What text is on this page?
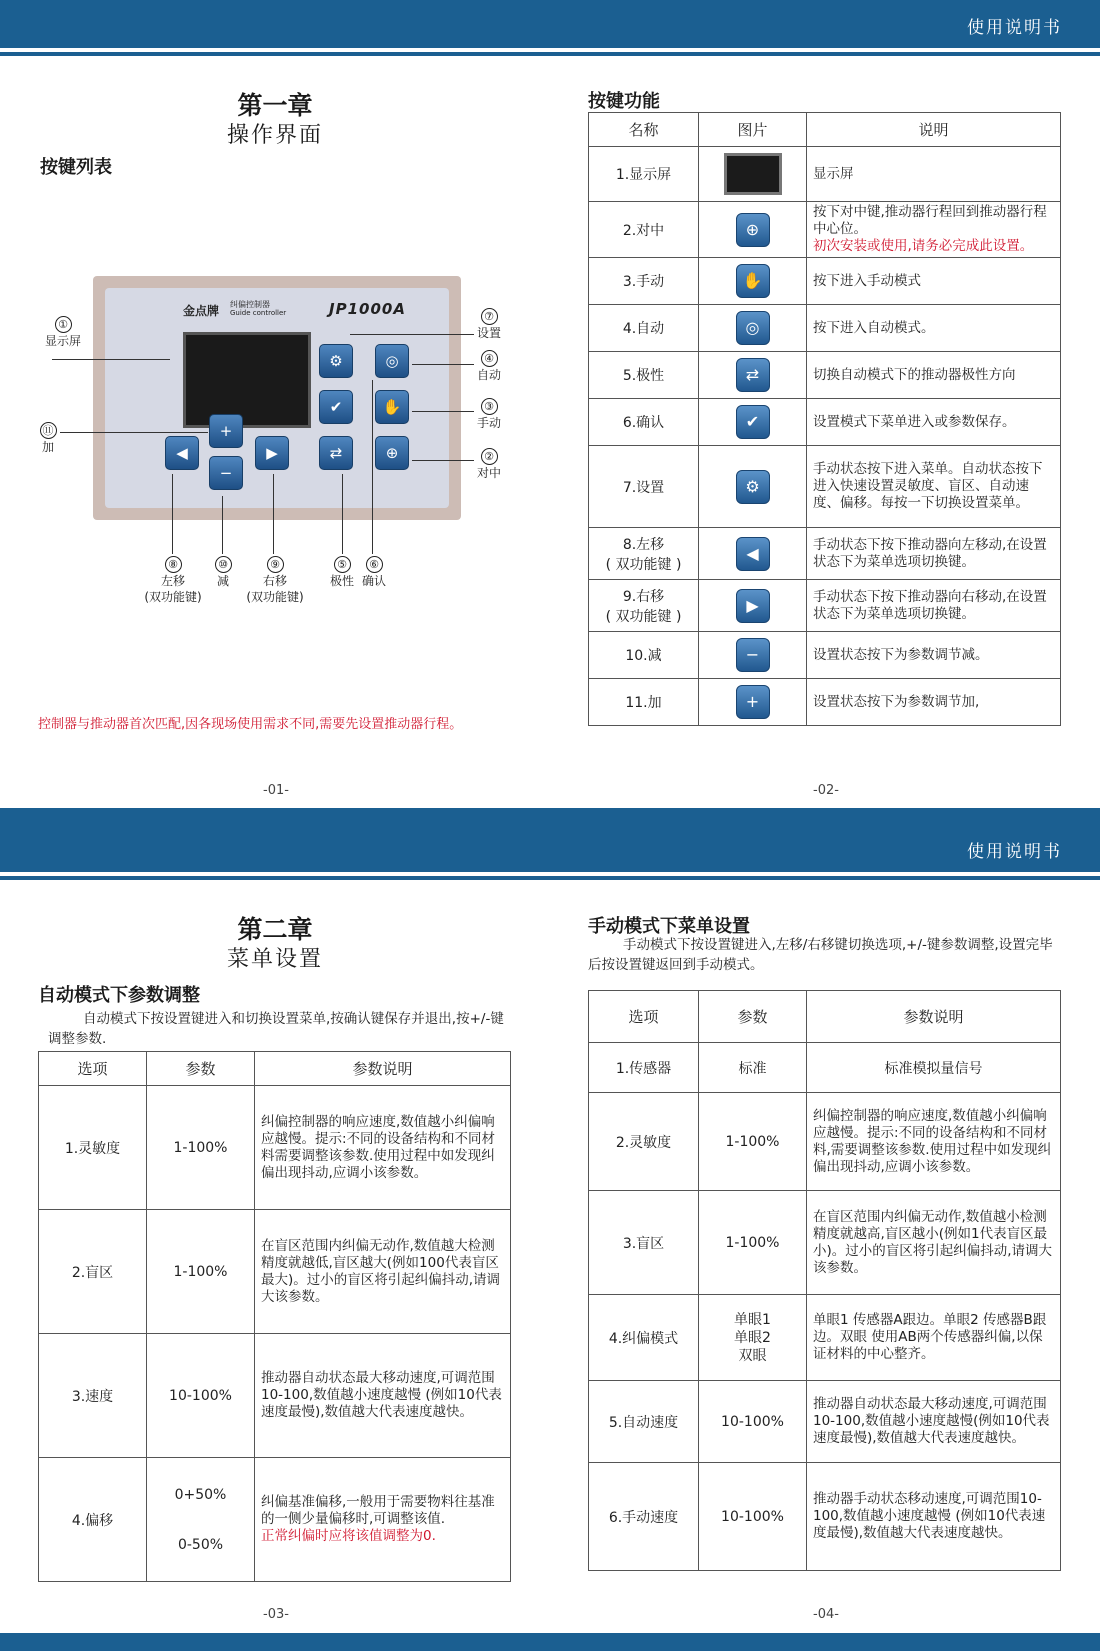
使用说明书
第一章
操作界面
按键列表
金点牌 纠偏控制器
Guide controller	JP1000A
+
◀
−
▶
⚙	◎
✔	✋
⇄	⊕
①
显示屏
⑦
设置
④
自动
③
手动
②
对中
⑪
加
⑧
左移
(双功能键)
⑩
减
⑨
右移
(双功能键)
⑤
极性
⑥
确认
控制器与推动器首次匹配,因各现场使用需求不同,需要先设置推动器行程。
-01-
按键功能
名称	图片	说明
1.显示屏		显示屏
2.对中	⊕	按下对中键,推动器行程回到推动器行程中心位。
初次安装或使用,请务必完成此设置。
3.手动	✋	按下进入手动模式
4.自动	◎	按下进入自动模式。
5.极性	⇄	切换自动模式下的推动器极性方向
6.确认	✔	设置模式下菜单进入或参数保存。
7.设置	⚙	手动状态按下进入菜单。自动状态按下进入快速设置灵敏度、盲区、自动速度、偏移。每按一下切换设置菜单。
8.左移
( 双功能键 )	◀	手动状态下按下推动器向左移动,在设置状态下为菜单选项切换键。
9.右移
( 双功能键 )	▶	手动状态下按下推动器向右移动,在设置状态下为菜单选项切换键。
10.减	−	设置状态按下为参数调节减。
11.加	+	设置状态按下为参数调节加,
-02-
使用说明书
第二章
菜单设置
自动模式下参数调整
自动模式下按设置键进入和切换设置菜单,按确认键保存并退出,按+/-键调整参数.
选项	参数	参数说明
1.灵敏度	1-100%	纠偏控制器的响应速度,数值越小纠偏响应越慢。提示:不同的设备结构和不同材料需要调整该参数.使用过程中如发现纠偏出现抖动,应调小该参数。
2.盲区	1-100%	在盲区范围内纠偏无动作,数值越大检测精度就越低,盲区越大(例如100代表盲区最大)。过小的盲区将引起纠偏抖动,请调大该参数。
3.速度	10-100%	推动器自动状态最大移动速度,可调范围10-100,数值越小速度越慢 (例如10代表速度最慢),数值越大代表速度越快。
4.偏移	0+50%
0-50%	纠偏基准偏移,一般用于需要物料往基准的一侧少量偏移时,可调整该值.
正常纠偏时应将该值调整为0.
-03-
手动模式下菜单设置
手动模式下按设置键进入,左移/右移键切换选项,+/-键参数调整,设置完毕后按设置键返回到手动模式。
选项	参数	参数说明
1.传感器	标准	标准模拟量信号
2.灵敏度	1-100%	纠偏控制器的响应速度,数值越小纠偏响应越慢。提示:不同的设备结构和不同材料,需要调整该参数.使用过程中如发现纠偏出现抖动,应调小该参数。
3.盲区	1-100%	在盲区范围内纠偏无动作,数值越小检测精度就越高,盲区越小(例如1代表盲区最小)。过小的盲区将引起纠偏抖动,请调大该参数。
4.纠偏模式	单眼1
单眼2
双眼	单眼1 传感器A跟边。单眼2 传感器B跟边。双眼 使用AB两个传感器纠偏,以保证材料的中心整齐。
5.自动速度	10-100%	推动器自动状态最大移动速度,可调范围10-100,数值越小速度越慢(例如10代表速度最慢),数值越大代表速度越快。
6.手动速度	10-100%	推动器手动状态移动速度,可调范围10-100,数值越小速度越慢 (例如10代表速度最慢),数值越大代表速度越快。
-04-
